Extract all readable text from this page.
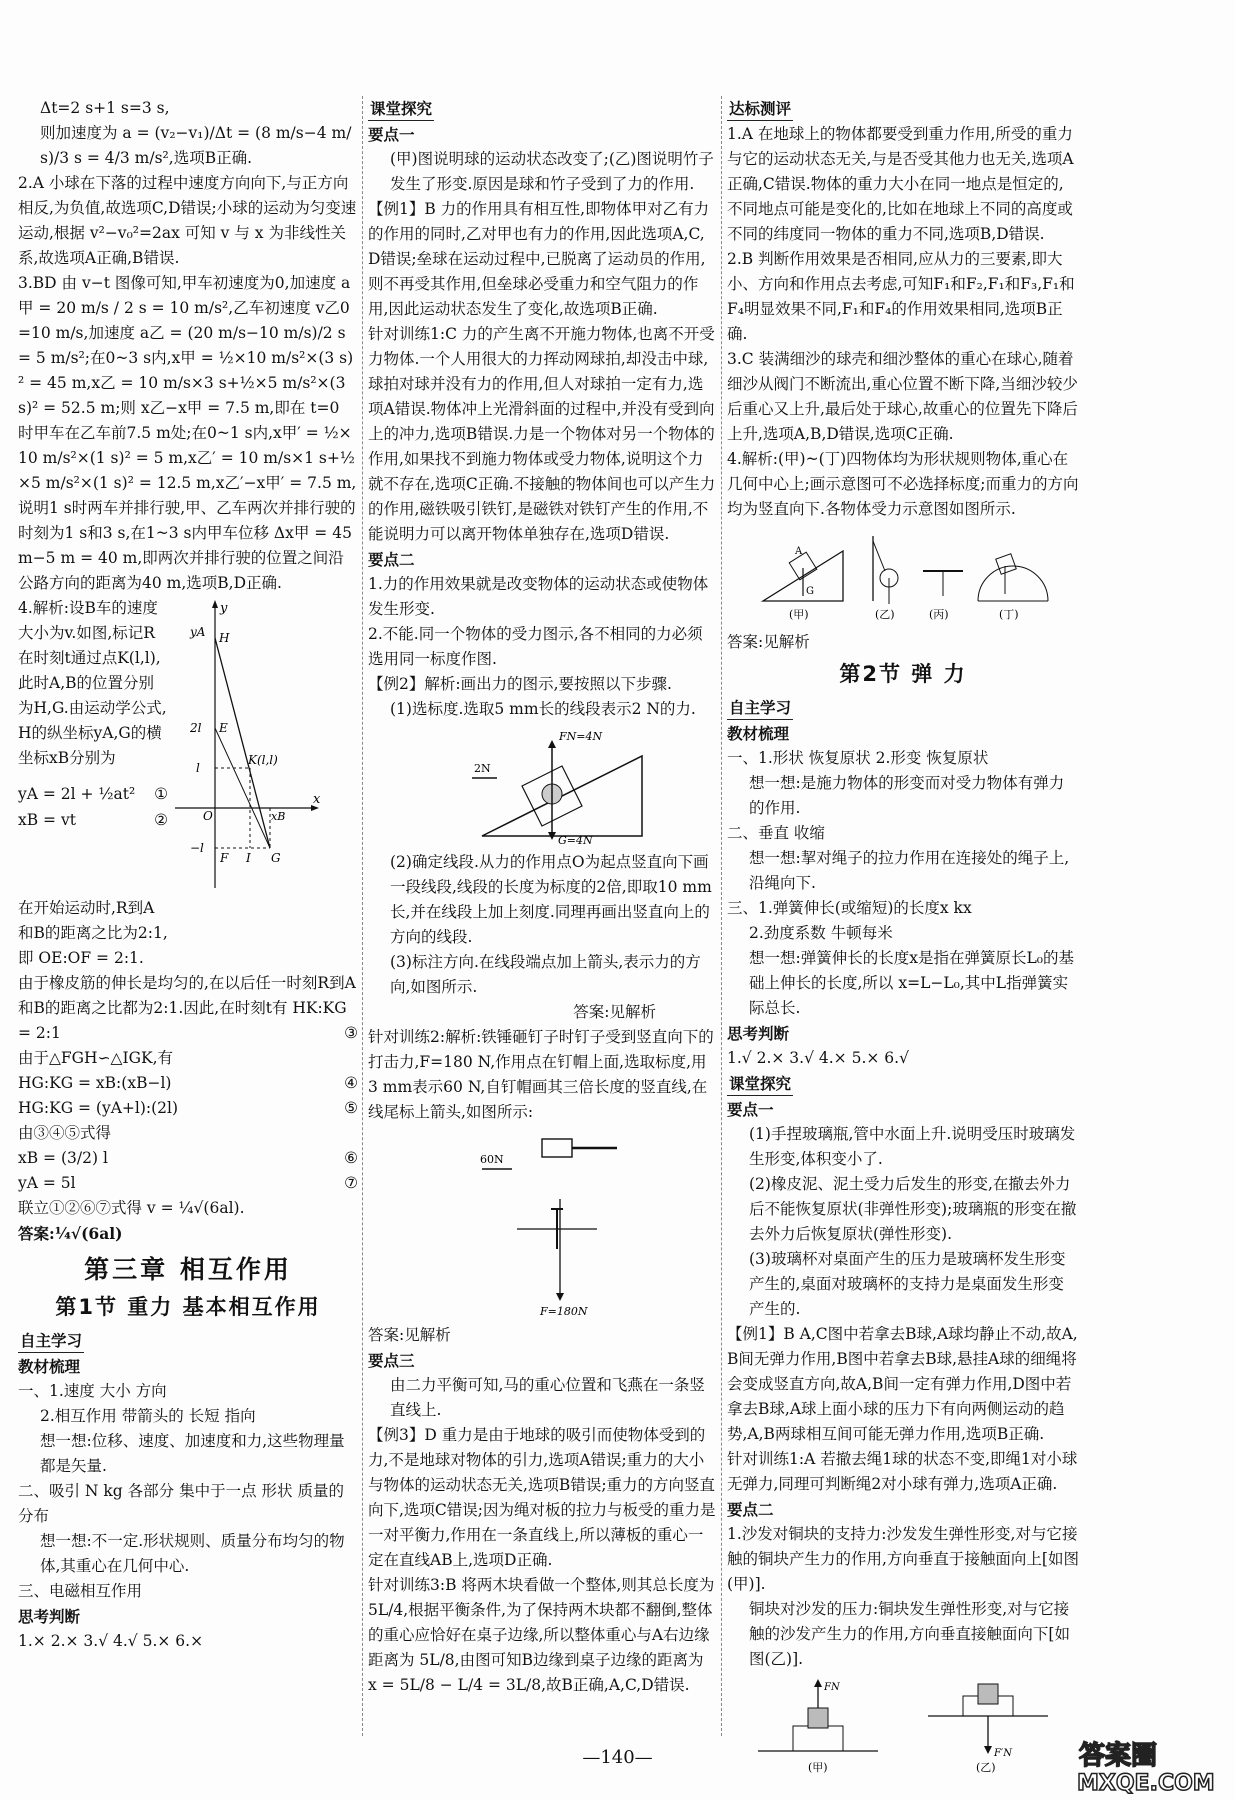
Δt=2 s+1 s=3 s,

则加速度为 a = (v₂−v₁)/Δt = (8 m/s−4 m/s)/3 s = 4/3 m/s²,选项B正确.

2.A 小球在下落的过程中速度方向向下,与正方向相反,为负值,故选项C,D错误;小球的运动为匀变速运动,根据 v²−v₀²=2ax 可知 v 与 x 为非线性关系,故选项A正确,B错误.

3.BD 由 v−t 图像可知,甲车初速度为0,加速度 a甲 = 20 m/s / 2 s = 10 m/s²,乙车初速度 v乙0=10 m/s,加速度 a乙 = (20 m/s−10 m/s)/2 s = 5 m/s²;在0~3 s内,x甲 = ½×10 m/s²×(3 s)² = 45 m,x乙 = 10 m/s×3 s+½×5 m/s²×(3 s)² = 52.5 m;则 x乙−x甲 = 7.5 m,即在 t=0 时甲车在乙车前7.5 m处;在0~1 s内,x甲′ = ½×10 m/s²×(1 s)² = 5 m,x乙′ = 10 m/s×1 s+½×5 m/s²×(1 s)² = 12.5 m,x乙′−x甲′ = 7.5 m,说明1 s时两车并排行驶,甲、乙车两次并排行驶的时刻为1 s和3 s,在1~3 s内甲车位移 Δx甲 = 45 m−5 m = 40 m,即两次并排行驶的位置之间沿公路方向的距离为40 m,选项B,D正确.

4.解析:设B车的速度大小为v.如图,标记R在时刻t通过点K(l,l),此时A,B的位置分别为H,G.由运动学公式,H的纵坐标yA,G的横坐标xB分别为

y
x
yA H
E
2l
l
K(l,l)
O	xB
−l
F I G
yA = 2l + ½at² ①
xB = vt	②

在开始运动时,R到A和B的距离之比为2:1,即 OE:OF = 2:1.

由于橡皮筋的伸长是均匀的,在以后任一时刻R到A和B的距离之比都为2:1.因此,在时刻t有 HK:KG = 2:1	③

由于△FGH∽△IGK,有

HG:KG = xB:(xB−l)	④

HG:KG = (yA+l):(2l)	⑤

由③④⑤式得

xB = (3/2) l	⑥

yA = 5l	⑦

联立①②⑥⑦式得 v = ¼√(6al).

答案:¼√(6al)

第三章 相互作用
第1节 重力 基本相互作用
自主学习

教材梳理

一、1.速度 大小 方向

2.相互作用 带箭头的 长短 指向

想一想:位移、速度、加速度和力,这些物理量都是矢量.

二、吸引 N kg 各部分 集中于一点 形状 质量的分布

想一想:不一定.形状规则、质量分布均匀的物体,其重心在几何中心.

三、电磁相互作用

思考判断

1.× 2.× 3.√ 4.√ 5.× 6.×

课堂探究

要点一

(甲)图说明球的运动状态改变了;(乙)图说明竹子发生了形变.原因是球和竹子受到了力的作用.

【例1】B 力的作用具有相互性,即物体甲对乙有力的作用的同时,乙对甲也有力的作用,因此选项A,C,D错误;垒球在运动过程中,已脱离了运动员的作用,则不再受其作用,但垒球必受重力和空气阻力的作用,因此运动状态发生了变化,故选项B正确.

针对训练1:C 力的产生离不开施力物体,也离不开受力物体.一个人用很大的力挥动网球拍,却没击中球,球拍对球并没有力的作用,但人对球拍一定有力,选项A错误.物体冲上光滑斜面的过程中,并没有受到向上的冲力,选项B错误.力是一个物体对另一个物体的作用,如果找不到施力物体或受力物体,说明这个力就不存在,选项C正确.不接触的物体间也可以产生力的作用,磁铁吸引铁钉,是磁铁对铁钉产生的作用,不能说明力可以离开物体单独存在,选项D错误.

要点二

1.力的作用效果就是改变物体的运动状态或使物体发生形变.

2.不能.同一个物体的受力图示,各不相同的力必须选用同一标度作图.

【例2】解析:画出力的图示,要按照以下步骤.

(1)选标度.选取5 mm长的线段表示2 N的力.

FN=4N
2N
G=4N

(2)确定线段.从力的作用点O为起点竖直向下画一段线段,线段的长度为标度的2倍,即取10 mm长,并在线段上加上刻度.同理再画出竖直向上的方向的线段.

(3)标注方向.在线段端点加上箭头,表示力的方向,如图所示.

答案:见解析

针对训练2:解析:铁锤砸钉子时钉子受到竖直向下的打击力,F=180 N,作用点在钉帽上面,选取标度,用3 mm表示60 N,自钉帽画其三倍长度的竖直线,在线尾标上箭头,如图所示:

60N
F=180N

答案:见解析

要点三

由二力平衡可知,马的重心位置和飞燕在一条竖直线上.

【例3】D 重力是由于地球的吸引而使物体受到的力,不是地球对物体的引力,选项A错误;重力的大小与物体的运动状态无关,选项B错误;重力的方向竖直向下,选项C错误;因为绳对板的拉力与板受的重力是一对平衡力,作用在一条直线上,所以薄板的重心一定在直线AB上,选项D正确.

针对训练3:B 将两木块看做一个整体,则其总长度为 5L/4,根据平衡条件,为了保持两木块都不翻倒,整体的重心应恰好在桌子边缘,所以整体重心与A右边缘距离为 5L/8,由图可知B边缘到桌子边缘的距离为 x = 5L/8 − L/4 = 3L/8,故B正确,A,C,D错误.

达标测评

1.A 在地球上的物体都要受到重力作用,所受的重力与它的运动状态无关,与是否受其他力也无关,选项A正确,C错误.物体的重力大小在同一地点是恒定的,不同地点可能是变化的,比如在地球上不同的高度或不同的纬度同一物体的重力不同,选项B,D错误.

2.B 判断作用效果是否相同,应从力的三要素,即大小、方向和作用点去考虑,可知F₁和F₂,F₁和F₃,F₁和F₄明显效果不同,F₁和F₄的作用效果相同,选项B正确.

3.C 装满细沙的球壳和细沙整体的重心在球心,随着细沙从阀门不断流出,重心位置不断下降,当细沙较少后重心又上升,最后处于球心,故重心的位置先下降后上升,选项A,B,D错误,选项C正确.

4.解析:(甲)~(丁)四物体均为形状规则物体,重心在几何中心上;画示意图可不必选择标度;而重力的方向均为竖直向下.各物体受力示意图如图所示.

A
G
(甲)	(乙)	(丙)	(丁)

答案:见解析

第2节 弹 力
自主学习

教材梳理

一、1.形状 恢复原状 2.形变 恢复原状

想一想:是施力物体的形变而对受力物体有弹力的作用.

二、垂直 收缩

想一想:挈对绳子的拉力作用在连接处的绳子上,沿绳向下.

三、1.弹簧伸长(或缩短)的长度x kx

2.劲度系数 牛顿每米

想一想:弹簧伸长的长度x是指在弹簧原长L₀的基础上伸长的长度,所以 x=L−L₀,其中L指弹簧实际总长.

思考判断

1.√ 2.× 3.√ 4.× 5.× 6.√

课堂探究

要点一

(1)手捏玻璃瓶,管中水面上升.说明受压时玻璃发生形变,体积变小了.

(2)橡皮泥、泥土受力后发生的形变,在撤去外力后不能恢复原状(非弹性形变);玻璃瓶的形变在撤去外力后恢复原状(弹性形变).

(3)玻璃杯对桌面产生的压力是玻璃杯发生形变产生的,桌面对玻璃杯的支持力是桌面发生形变产生的.

【例1】B A,C图中若拿去B球,A球均静止不动,故A,B间无弹力作用,B图中若拿去B球,悬挂A球的细绳将会变成竖直方向,故A,B间一定有弹力作用,D图中若拿去B球,A球上面小球的压力下有向两侧运动的趋势,A,B两球相互间可能无弹力作用,选项B正确.

针对训练1:A 若撤去绳1球的状态不变,即绳1对小球无弹力,同理可判断绳2对小球有弹力,选项A正确.

要点二

1.沙发对铜块的支持力:沙发发生弹性形变,对与它接触的铜块产生力的作用,方向垂直于接触面向上[如图(甲)].

铜块对沙发的压力:铜块发生弹性形变,对与它接触的沙发产生力的作用,方向垂直接触面向下[如图(乙)].

FN
F′N
(甲)	(乙)
—140—	答案圈
MXQE.COM
